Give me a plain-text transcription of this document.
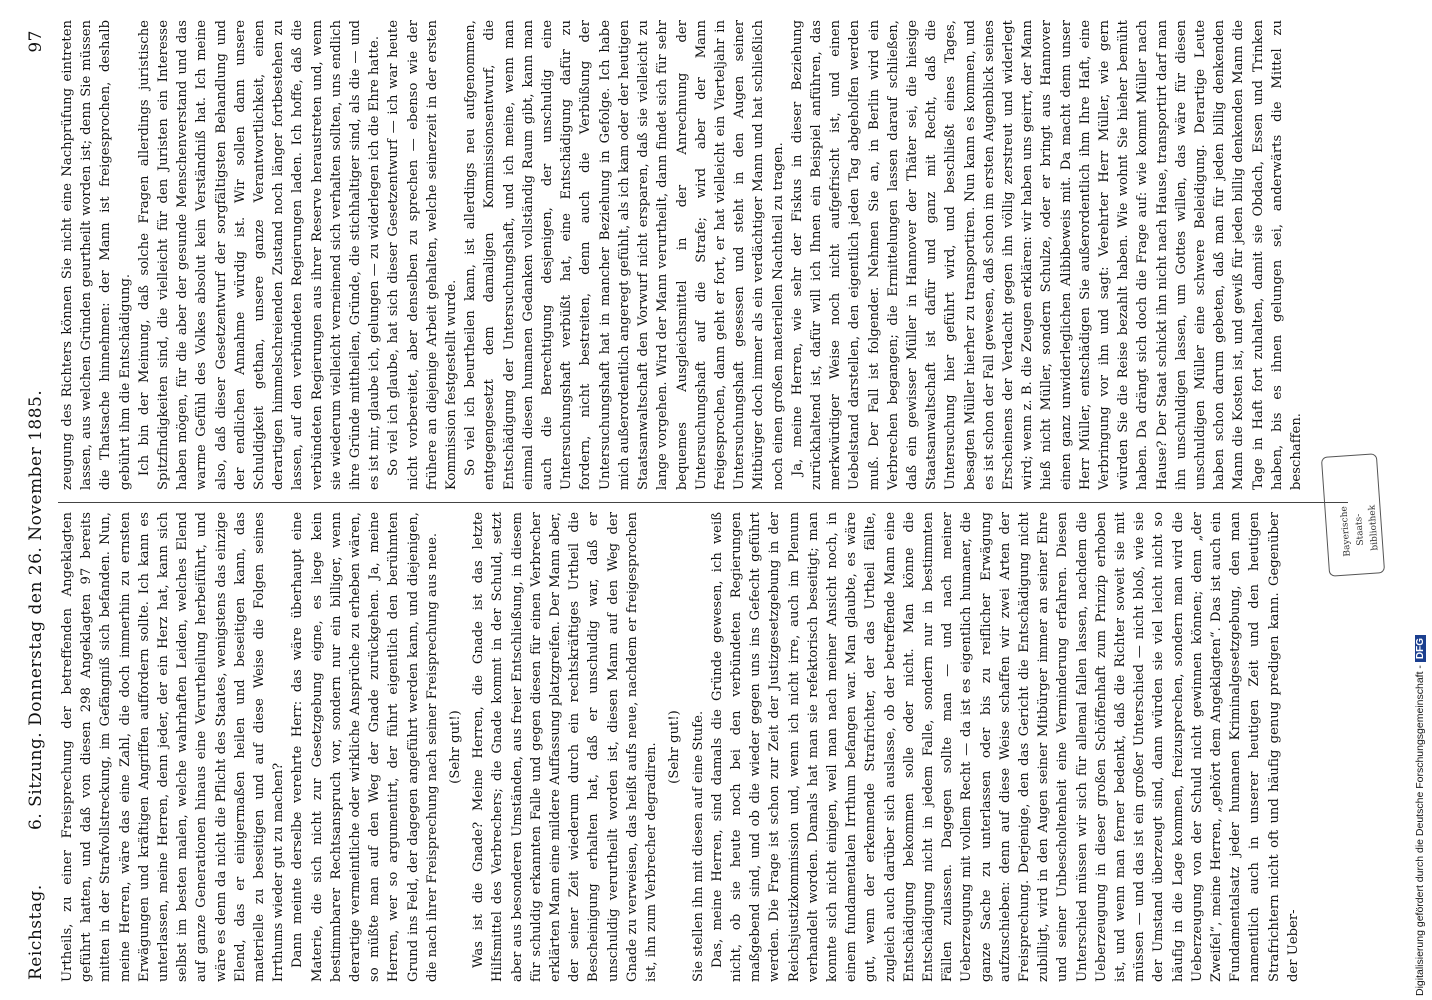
Reichstag.
6. Sitzung. Donnerstag den 26. November 1885.
97

Urtheils, zu einer Freisprechung der betreffenden Angeklagten geführt hatten, und daß von diesen 298 Angeklagten 97 bereits mitten in der Strafvollstreckung, im Gefängniß sich befanden. Nun, meine Herren, wäre das eine Zahl, die doch immerhin zu ernsten Erwägungen und kräftigen Angriffen auffordern sollte. Ich kann es unterlassen, meine Herren, denn jeder, der ein Herz hat, kann sich selbst im besten malen, welche wahrhaften Leiden, welches Elend auf ganze Generationen hinaus eine Verurtheilung herbeiführt, und wäre es denn da nicht die Pflicht des Staates, wenigstens das einzige Elend, das er einigermaßen heilen und beseitigen kann, das materielle zu beseitigen und auf diese Weise die Folgen seines Irrthums wieder gut zu machen? Dann meinte derselbe verehrte Herr: das wäre überhaupt eine Materie, die sich nicht zur Gesetzgebung eigne, es liege kein bestimmbarer Rechtsanspruch vor, sondern nur ein billiger, wenn derartige vermeintliche oder wirkliche Ansprüche zu erheben wären, so müßte man auf den Weg der Gnade zurückgehen. Ja, meine Herren, wer so argumentirt, der führt eigentlich den berühmten Grund ins Feld, der dagegen angeführt werden kann, und diejenigen, die nach ihrer Freisprechung nach seiner Freisprechung aus neue. (Sehr gut!) Was ist die Gnade? Meine Herren, die Gnade ist das letzte Hilfsmittel des Verbrechers; die Gnade kommt in der Schuld, setzt aber aus besonderen Umständen, aus freier Entschließung, in diesem für schuldig erkannten Falle und gegen diesen für einen Verbrecher erklärten Mann eine mildere Auffassung platzgreifen. Der Mann aber, der seiner Zeit wiederum durch ein rechtskräftiges Urtheil die Bescheinigung erhalten hat, daß er unschuldig war, daß er unschuldig verurtheilt worden ist, diesen Mann auf den Weg der Gnade zu verweisen, das heißt aufs neue, nachdem er freigesprochen ist, ihn zum Verbrecher degradiren. (Sehr gut!) Sie stellen ihn mit diesen auf eine Stufe. Das, meine Herren, sind damals die Gründe gewesen, ich weiß nicht, ob sie heute noch bei den verbündeten Regierungen maßgebend sind, und ob die wieder gegen uns ins Gefecht geführt werden. Die Frage ist schon zur Zeit der Justizgesetzgebung in der Reichsjustizkommission und, wenn ich nicht irre, auch im Plenum verhandelt worden. Damals hat man sie refektorisch beseitigt; man konnte sich nicht einigen, weil man nach meiner Ansicht noch, in einem fundamentalen Irrthum befangen war. Man glaubte, es wäre gut, wenn der erkennende Strafrichter, der das Urtheil fällte, zugleich auch darüber sich auslasse, ob der betreffende Mann eine Entschädigung bekommen solle oder nicht. Man könne die Entschädigung nicht in jedem Falle, sondern nur in bestimmten Fällen zulassen. Dagegen sollte man — und nach meiner Ueberzeugung mit vollem Recht — da ist es eigentlich humaner, die ganze Sache zu unterlassen oder bis zu reiflicher Erwägung aufzuschieben: denn auf diese Weise schaffen wir zwei Arten der Freisprechung. Derjenige, den das Gericht die Entschädigung nicht zubilligt, wird in den Augen seiner Mitbürger immer an seiner Ehre und seiner Unbescholtenheit eine Verminderung erfahren. Diesen Unterschied müssen wir sich für allemal fallen lassen, nachdem die Ueberzeugung in dieser großen Schöffenhaft zum Prinzip erhoben ist, und wenn man ferner bedenkt, daß die Richter soweit sie mit müssen — und das ist ein großer Unterschied — nicht bloß, wie sie der Umstand überzeugt sind, dann würden sie viel leicht nicht so häufig in die Lage kommen, freizusprechen, sondern man wird die Ueberzeugung von der Schuld nicht gewinnen können; denn „der Zweifel“, meine Herren, „gehört dem Angeklagten“. Das ist auch ein Fundamentalsatz jeder humanen Kriminalgesetzgebung, den man namentlich auch in unserer heutigen Zeit und den heutigen Strafrichtern nicht oft und häufig genug predigen kann. Gegenüber der Ueber-

zeugung des Richters können Sie nicht eine Nachprüfung eintreten lassen, aus welchen Gründen geurtheilt worden ist; denn Sie müssen die Thatsache hinnehmen: der Mann ist freigesprochen, deshalb gebührt ihm die Entschädigung. Ich bin der Meinung, daß solche Fragen allerdings juristische Spitzfindigkeiten sind, die vielleicht für den Juristen ein Interesse haben mögen, für die aber der gesunde Menschenverstand und das warme Gefühl des Volkes absolut kein Verständniß hat. Ich meine also, daß dieser Gesetzentwurf der sorgfältigsten Behandlung und der endlichen Annahme würdig ist. Wir sollen dann unsere Schuldigkeit gethan, unsere ganze Verantwortlichkeit, einen derartigen himmelschreienden Zustand noch länger fortbestehen zu lassen, auf den verbündeten Regierungen laden. Ich hoffe, daß die verbündeten Regierungen aus ihrer Reserve heraustreten und, wenn sie wiederum vielleicht verneinend sich verhalten sollten, uns endlich ihre Gründe mittheilen, Gründe, die stichhaltiger sind, als die — und es ist mir, glaube ich, gelungen — zu widerlegen ich die Ehre hatte. So viel ich glaube, hat sich dieser Gesetzentwurf — ich war heute nicht vorbereitet, aber denselben zu sprechen — ebenso wie der frühere an diejenige Arbeit gehalten, welche seinerzeit in der ersten Kommission festgestellt wurde. So viel ich beurtheilen kann, ist allerdings neu aufgenommen, entgegengesetzt dem damaligen Kommissionsentwurf, die Entschädigung der Untersuchungshaft, und ich meine, wenn man einmal diesen humanen Gedanken vollständig Raum gibt, kann man auch die Berechtigung desjenigen, der unschuldig eine Untersuchungshaft verbüßt hat, eine Entschädigung dafür zu fordern, nicht bestreiten, denn auch die Verbüßung der Untersuchungshaft hat in mancher Beziehung in Gefolge. Ich habe mich außerordentlich angeregt gefühlt, als ich kam oder der heutigen Staatsanwaltschaft den Vorwurf nicht ersparen, daß sie vielleicht zu lange vorgehen. Wird der Mann verurtheilt, dann findet sich für sehr bequemes Ausgleichsmittel in der Anrechnung der Untersuchungshaft auf die Strafe; wird aber der Mann freigesprochen, dann geht er fort, er hat vielleicht ein Vierteljahr in Untersuchungshaft gesessen und steht in den Augen seiner Mitbürger doch immer als ein verdächtiger Mann und hat schließlich noch einen großen materiellen Nachtheil zu tragen. Ja, meine Herren, wie sehr der Fiskus in dieser Beziehung zurückhaltend ist, dafür will ich Ihnen ein Beispiel anführen, das merkwürdiger Weise noch nicht aufgefrischt ist, und einen Uebelstand darstellen, den eigentlich jeden Tag abgeholfen werden muß. Der Fall ist folgender. Nehmen Sie an, in Berlin wird ein Verbrechen begangen; die Ermittelungen lassen darauf schließen, daß ein gewisser Müller in Hannover der Thäter sei, die hiesige Staatsanwaltschaft ist dafür und ganz mit Recht, daß die Untersuchung hier geführt wird, und beschließt eines Tages, besagten Müller hierher zu transportiren. Nun kann es kommen, und es ist schon der Fall gewesen, daß schon im ersten Augenblick seines Erscheinens der Verdacht gegen ihn völlig zerstreut und widerlegt wird; wenn z. B. die Zeugen erklären: wir haben uns geirrt, der Mann hieß nicht Müller, sondern Schulze, oder er bringt aus Hannover einen ganz unwiderleglichen Alibibeweis mit. Da macht denn unser Herr Müller, entschädigen Sie außerordentlich ihm Ihre Haft, eine Verbringung vor ihn und sagt: Verehrter Herr Müller, wie gern würden Sie die Reise bezahlt haben. Wie wohnt Sie hieher bemüht haben. Da drängt sich doch die Frage auf: wie kommt Müller nach Hause? Der Staat schickt ihn nicht nach Hause, transportirt darf man ihn unschuldigen lassen, um Gottes willen, das wäre für diesen unschuldigen Müller eine schwere Beleidigung. Derartige Leute haben schon darum gebeten, daß man für jeden billig denkenden Mann die Kosten ist, und gewiß für jeden billig denkenden Mann die Tage in Haft fort zuhalten, damit sie Obdach, Essen und Trinken haben, bis es ihnen gelungen sei, anderwärts die Mittel zu beschaffen.

Bayerische Staats- bibliothek
Digitalisierung gefördert durch die Deutsche Forschungsgemeinschaft -DFG
